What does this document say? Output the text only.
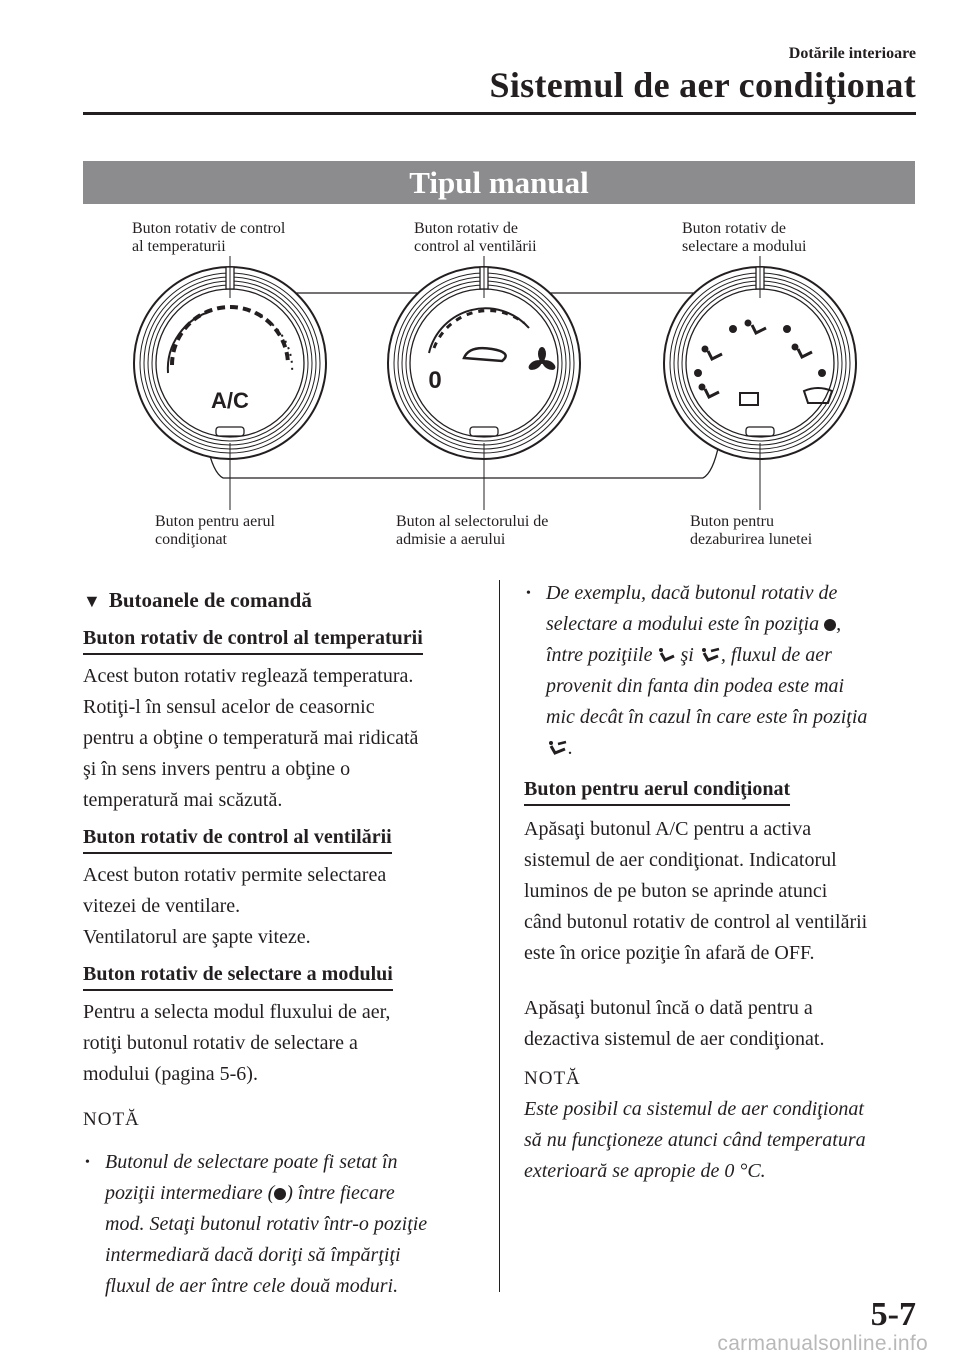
Dotările interioare
Sistemul de aer condiţionat
Tipul manual
Buton rotativ de control
al temperaturii
Buton rotativ de
control al ventilării
Buton rotativ de
selectare a modului
Buton pentru aerul
condiţionat
Buton al selectorului de
admisie a aerului
Buton pentru
dezaburirea lunetei
A/C
0
▼ Butoanele de comandă
Buton rotativ de control al temperaturii
Acest buton rotativ reglează temperatura.
Rotiţi-l în sensul acelor de ceasornic
pentru a obţine o temperatură mai ridicată
şi în sens invers pentru a obţine o
temperatură mai scăzută.
Buton rotativ de control al ventilării
Acest buton rotativ permite selectarea
vitezei de ventilare.
Ventilatorul are şapte viteze.
Buton rotativ de selectare a modului
Pentru a selecta modul fluxului de aer,
rotiţi butonul rotativ de selectare a
modului (pagina 5-6).
NOTĂ
• Butonul de selectare poate fi setat în
poziţii intermediare ( ) între fiecare
mod. Setaţi butonul rotativ într-o poziţie
intermediară dacă doriţi să împărţiţi
fluxul de aer între cele două moduri.
• De exemplu, dacă butonul rotativ de
selectare a modului este în poziţia ,
între poziţiile şi , fluxul de aer
provenit din fanta din podea este mai
mic decât în cazul în care este în poziţia
.
Buton pentru aerul condiţionat
Apăsaţi butonul A/C pentru a activa
sistemul de aer condiţionat. Indicatorul
luminos de pe buton se aprinde atunci
când butonul rotativ de control al ventilării
este în orice poziţie în afară de OFF.
Apăsaţi butonul încă o dată pentru a
dezactiva sistemul de aer condiţionat.
NOTĂ
Este posibil ca sistemul de aer condiţionat
să nu funcţioneze atunci când temperatura
exterioară se apropie de 0 °C.
5-7
carmanualsonline.info
